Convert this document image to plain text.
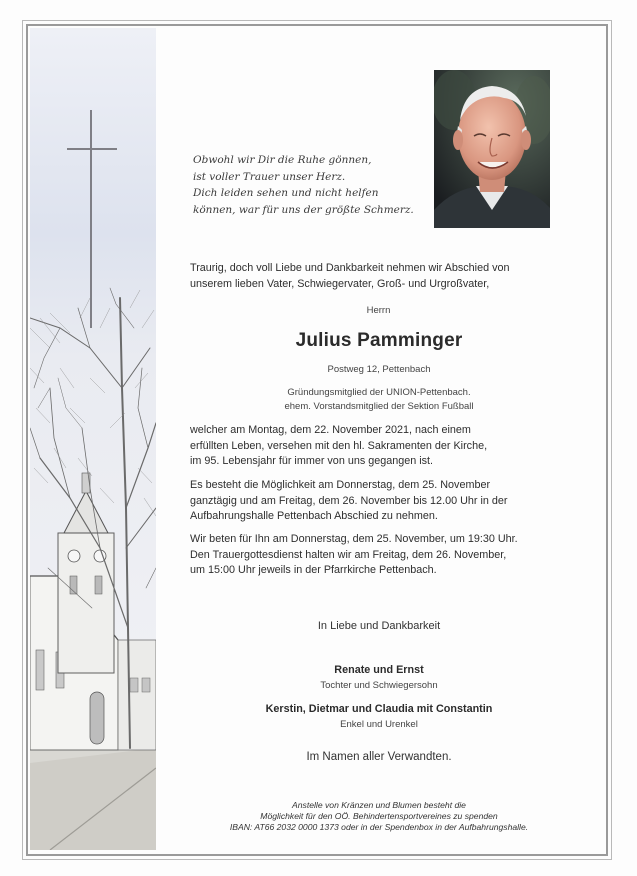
Obwohl wir Dir die Ruhe gönnen,
ist voller Trauer unser Herz.
Dich leiden sehen und nicht helfen
können, war für uns der größte Schmerz.
Traurig, doch voll Liebe und Dankbarkeit nehmen wir Abschied von
unserem lieben Vater, Schwiegervater, Groß- und Urgroßvater,
Herrn
Julius Pamminger
Postweg 12, Pettenbach
Gründungsmitglied der UNION-Pettenbach.
ehem. Vorstandsmitglied der Sektion Fußball
welcher am Montag, dem 22. November 2021, nach einem
erfüllten Leben, versehen mit den hl. Sakramenten der Kirche,
im 95. Lebensjahr für immer von uns gegangen ist.
Es besteht die Möglichkeit am Donnerstag, dem 25. November
ganztägig und am Freitag, dem 26. November bis 12.00 Uhr in der
Aufbahrungshalle Pettenbach Abschied zu nehmen.
Wir beten für Ihn am Donnerstag, dem 25. November, um 19:30 Uhr.
Den Trauergottesdienst halten wir am Freitag, dem 26. November,
um 15:00 Uhr jeweils in der Pfarrkirche Pettenbach.
In Liebe und Dankbarkeit
Renate und Ernst
Tochter und Schwiegersohn
Kerstin, Dietmar und Claudia mit Constantin
Enkel und Urenkel
Im Namen aller Verwandten.
Anstelle von Kränzen und Blumen besteht die
Möglichkeit für den OÖ. Behindertensportvereines zu spenden
IBAN: AT66 2032 0000 1373 oder in der Spendenbox in der Aufbahrungshalle.
